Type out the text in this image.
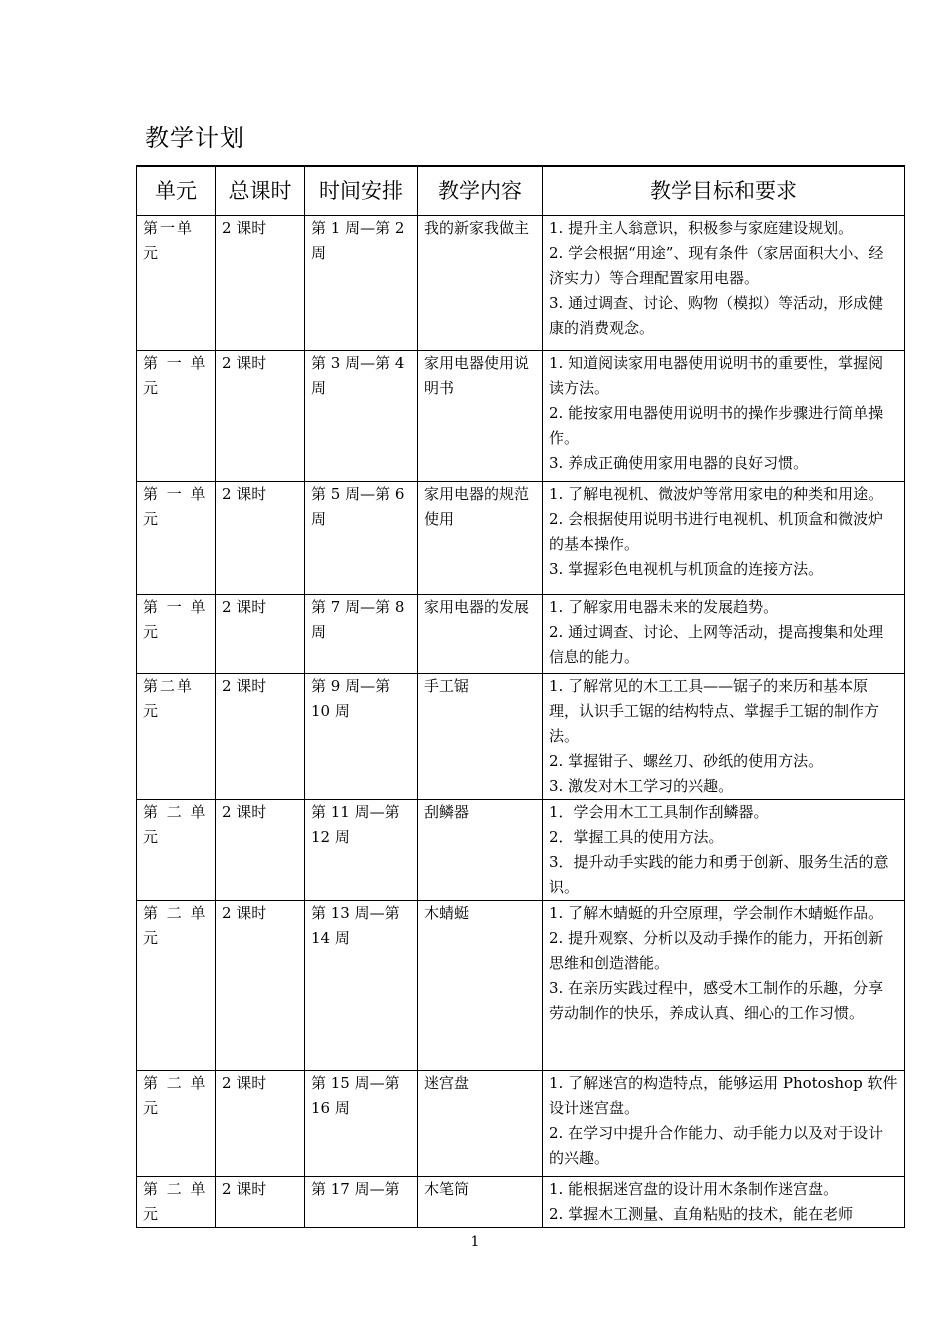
教学计划
单元	总课时	时间安排	教学内容	教学目标和要求
第一单元	2 课时	第 1 周—第 2 周	我的新家我做主	1. 提升主人翁意识，积极参与家庭建设规划。

2. 学会根据“用途”、现有条件（家居面积大小、经济实力）等合理配置家用电器。

3. 通过调查、讨论、购物（模拟）等活动，形成健康的消费观念。

第 一 单元	2 课时	第 3 周—第 4 周	家用电器使用说明书	1. 知道阅读家用电器使用说明书的重要性，掌握阅读方法。

2. 能按家用电器使用说明书的操作步骤进行简单操作。

3. 养成正确使用家用电器的良好习惯。

第 一 单元	2 课时	第 5 周—第 6 周	家用电器的规范使用	1. 了解电视机、微波炉等常用家电的种类和用途。

2. 会根据使用说明书进行电视机、机顶盒和微波炉的基本操作。

3. 掌握彩色电视机与机顶盒的连接方法。

第 一 单元	2 课时	第 7 周—第 8 周	家用电器的发展	1. 了解家用电器未来的发展趋势。

2. 通过调查、讨论、上网等活动，提高搜集和处理信息的能力。

第二单元	2 课时	第 9 周—第 10 周	手工锯	1. 了解常见的木工工具——锯子的来历和基本原理，认识手工锯的结构特点、掌握手工锯的制作方法。

2. 掌握钳子、螺丝刀、砂纸的使用方法。

3. 激发对木工学习的兴趣。

第 二 单元	2 课时	第 11 周—第 12 周	刮鳞器	1．学会用木工工具制作刮鳞器。

2．掌握工具的使用方法。

3．提升动手实践的能力和勇于创新、服务生活的意识。

第 二 单元	2 课时	第 13 周—第 14 周	木蜻蜓	1. 了解木蜻蜓的升空原理，学会制作木蜻蜓作品。

2. 提升观察、分析以及动手操作的能力，开拓创新思维和创造潜能。

3. 在亲历实践过程中，感受木工制作的乐趣，分享劳动制作的快乐，养成认真、细心的工作习惯。

第 二 单元	2 课时	第 15 周—第 16 周	迷宫盘	1. 了解迷宫的构造特点，能够运用 Photoshop 软件设计迷宫盘。

2. 在学习中提升合作能力、动手能力以及对于设计的兴趣。

第 二 单元	2 课时	第 17 周—第	木笔筒	1. 能根据迷宫盘的设计用木条制作迷宫盘。

2. 掌握木工测量、直角粘贴的技术，能在老师

1
